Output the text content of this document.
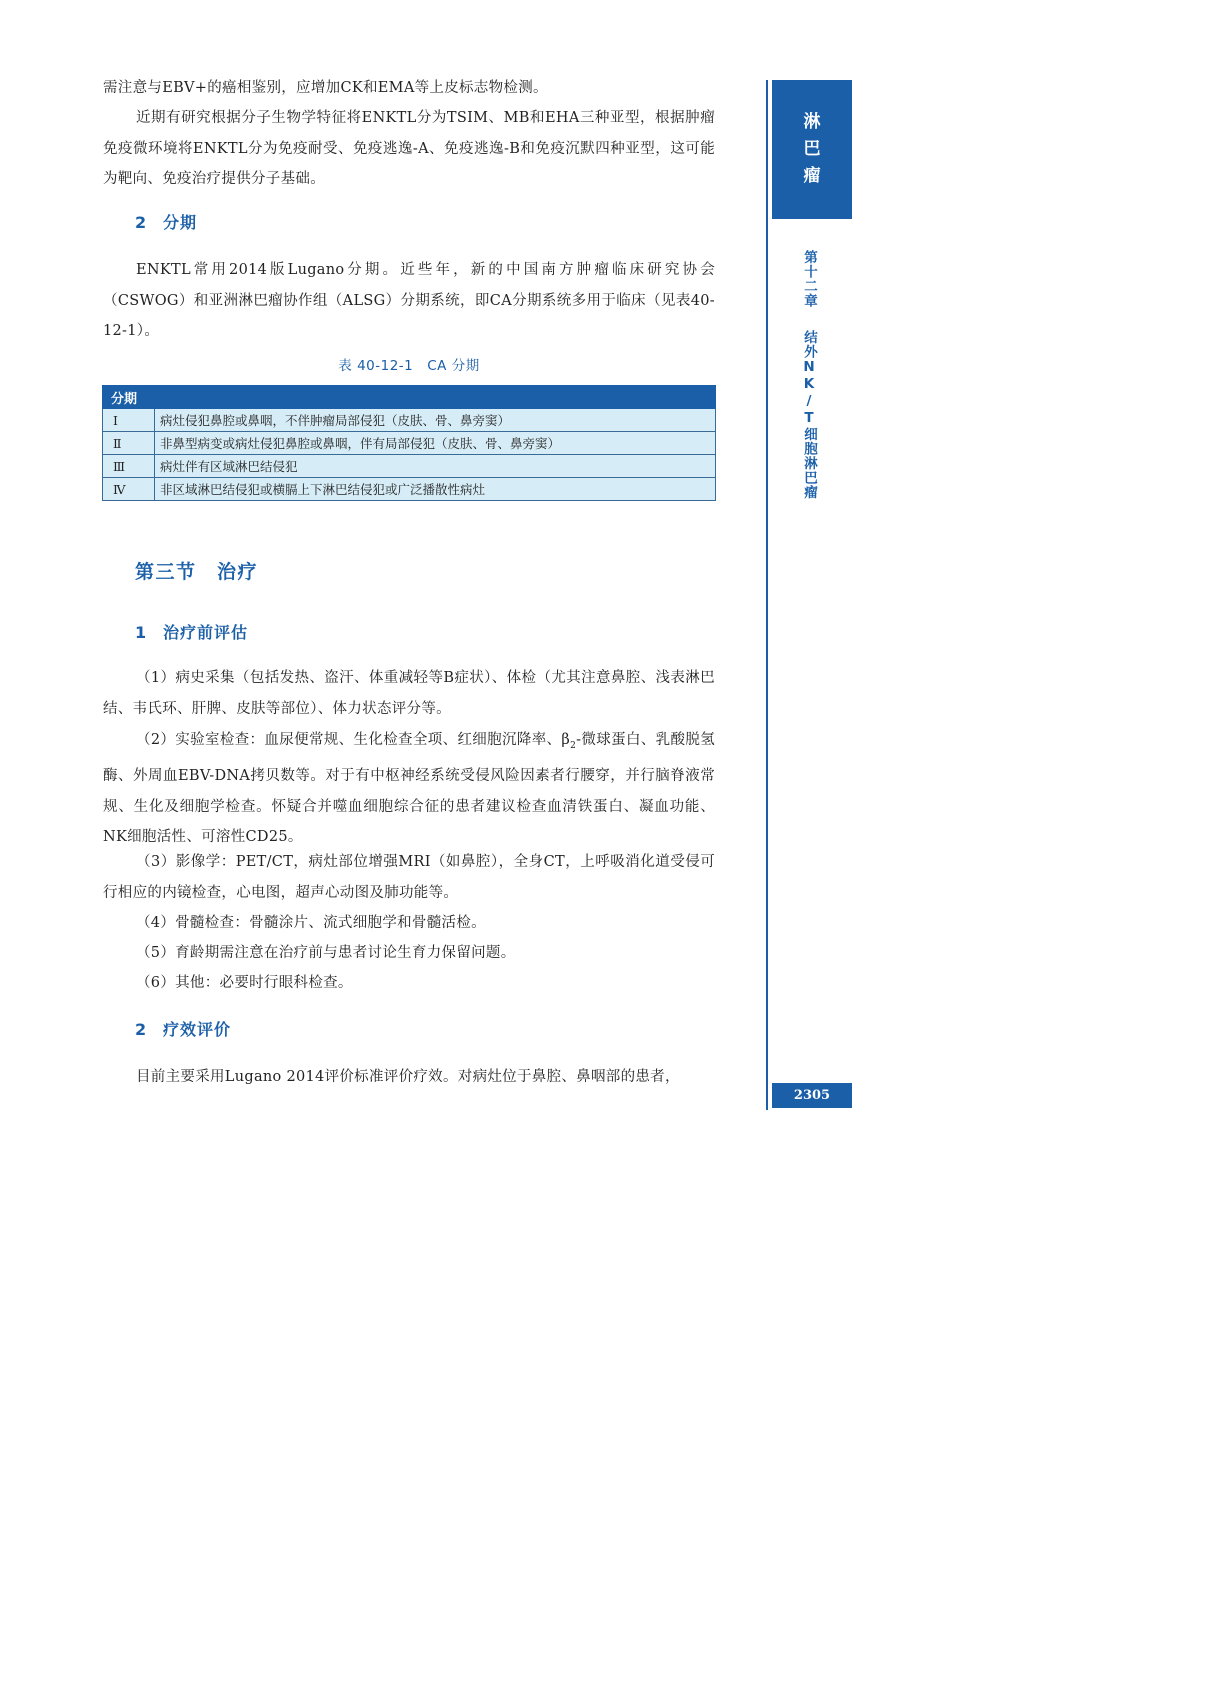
需注意与EBV+的癌相鉴别，应增加CK和EMA等上皮标志物检测。

近期有研究根据分子生物学特征将ENKTL分为TSIM、MB和EHA三种亚型，根据肿瘤免疫微环境将ENKTL分为免疫耐受、免疫逃逸-A、免疫逃逸-B和免疫沉默四种亚型，这可能为靶向、免疫治疗提供分子基础。

2 分期

ENKTL常用2014版Lugano分期。近些年，新的中国南方肿瘤临床研究协会（CSWOG）和亚洲淋巴瘤协作组（ALSG）分期系统，即CA分期系统多用于临床（见表40-12-1）。

表 40-12-1　CA 分期
分期	
Ⅰ	病灶侵犯鼻腔或鼻咽，不伴肿瘤局部侵犯（皮肤、骨、鼻旁窦）
Ⅱ	非鼻型病变或病灶侵犯鼻腔或鼻咽，伴有局部侵犯（皮肤、骨、鼻旁窦）
Ⅲ	病灶伴有区域淋巴结侵犯
Ⅳ	非区域淋巴结侵犯或横膈上下淋巴结侵犯或广泛播散性病灶
第三节　治疗
1 治疗前评估

（1）病史采集（包括发热、盗汗、体重减轻等B症状）、体检（尤其注意鼻腔、浅表淋巴结、韦氏环、肝脾、皮肤等部位）、体力状态评分等。

（2）实验室检查：血尿便常规、生化检查全项、红细胞沉降率、$\beta_2-$微球蛋白、乳酸脱氢酶、外周血EBV-DNA拷贝数等。对于有中枢神经系统受侵风险因素者行腰穿，并行脑脊液常规、生化及细胞学检查。怀疑合并噬血细胞综合征的患者建议检查血清铁蛋白、凝血功能、NK细胞活性、可溶性CD25。

（3）影像学：PET/CT，病灶部位增强MRI（如鼻腔），全身CT，上呼吸消化道受侵可行相应的内镜检查，心电图，超声心动图及肺功能等。

（4）骨髓检查：骨髓涂片、流式细胞学和骨髓活检。

（5）育龄期需注意在治疗前与患者讨论生育力保留问题。

（6）其他：必要时行眼科检查。

2 疗效评价

目前主要采用Lugano 2014评价标准评价疗效。对病灶位于鼻腔、鼻咽部的患者，

淋
巴
瘤
第十二章结外NK/T细胞淋巴瘤
2305
